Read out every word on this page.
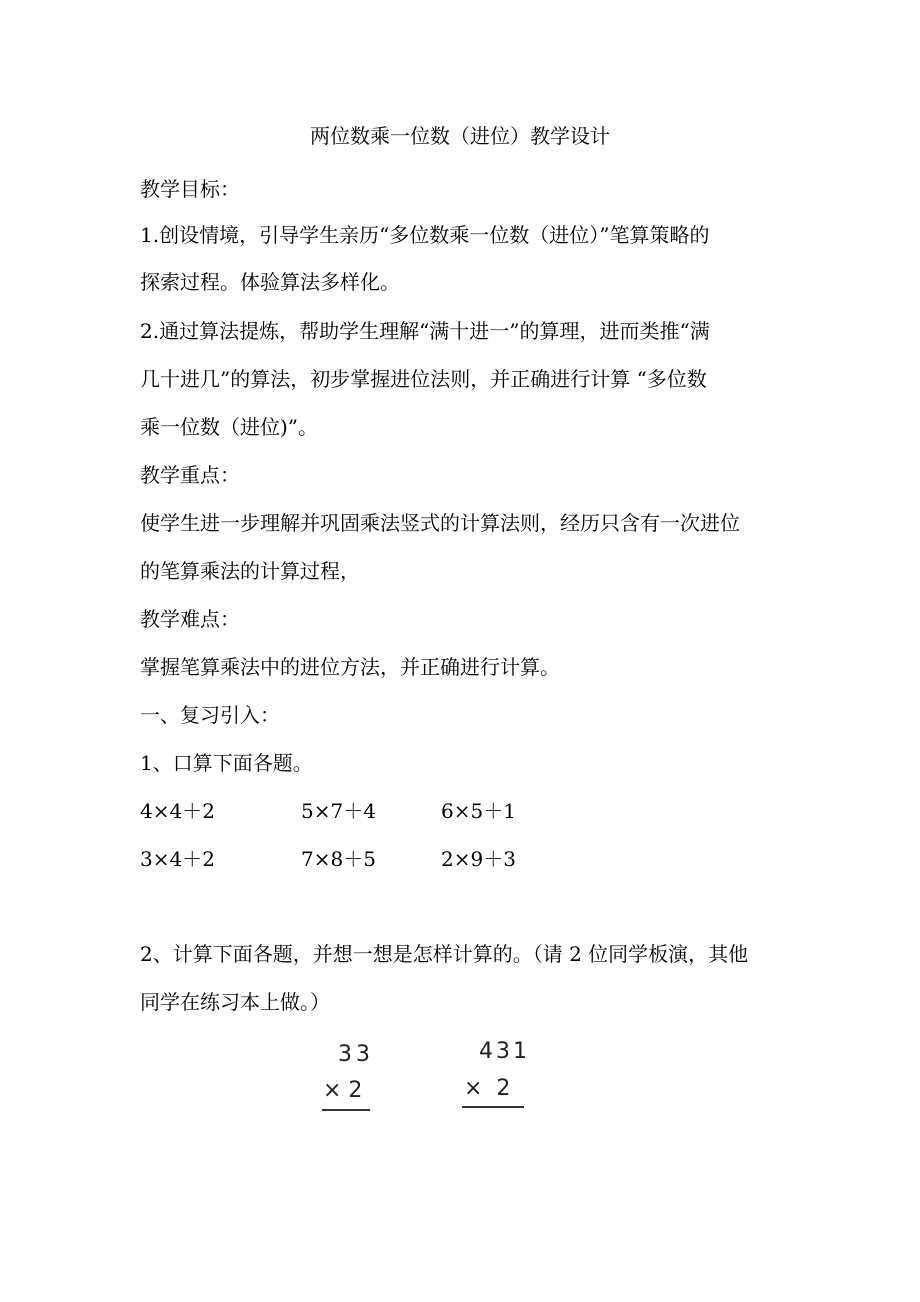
两位数乘一位数（进位）教学设计
教学目标：
1.创设情境，引导学生亲历“多位数乘一位数（进位）”笔算策略的
探索过程。体验算法多样化。
2.通过算法提炼，帮助学生理解“满十进一”的算理，进而类推“满
几十进几”的算法，初步掌握进位法则，并正确进行计算 “多位数
乘一位数（进位)”。
教学重点：
使学生进一步理解并巩固乘法竖式的计算法则，经历只含有一次进位
的笔算乘法的计算过程，
教学难点：
掌握笔算乘法中的进位方法，并正确进行计算。
一、复习引入：
1、口算下面各题。
4×4＋2	5×7＋4	6×5＋1
3×4＋2	7×8＋5	2×9＋3
2、计算下面各题，并想一想是怎样计算的。（请 2 位同学板演，其他
同学在练习本上做。）
33
× 2
431
×  2
